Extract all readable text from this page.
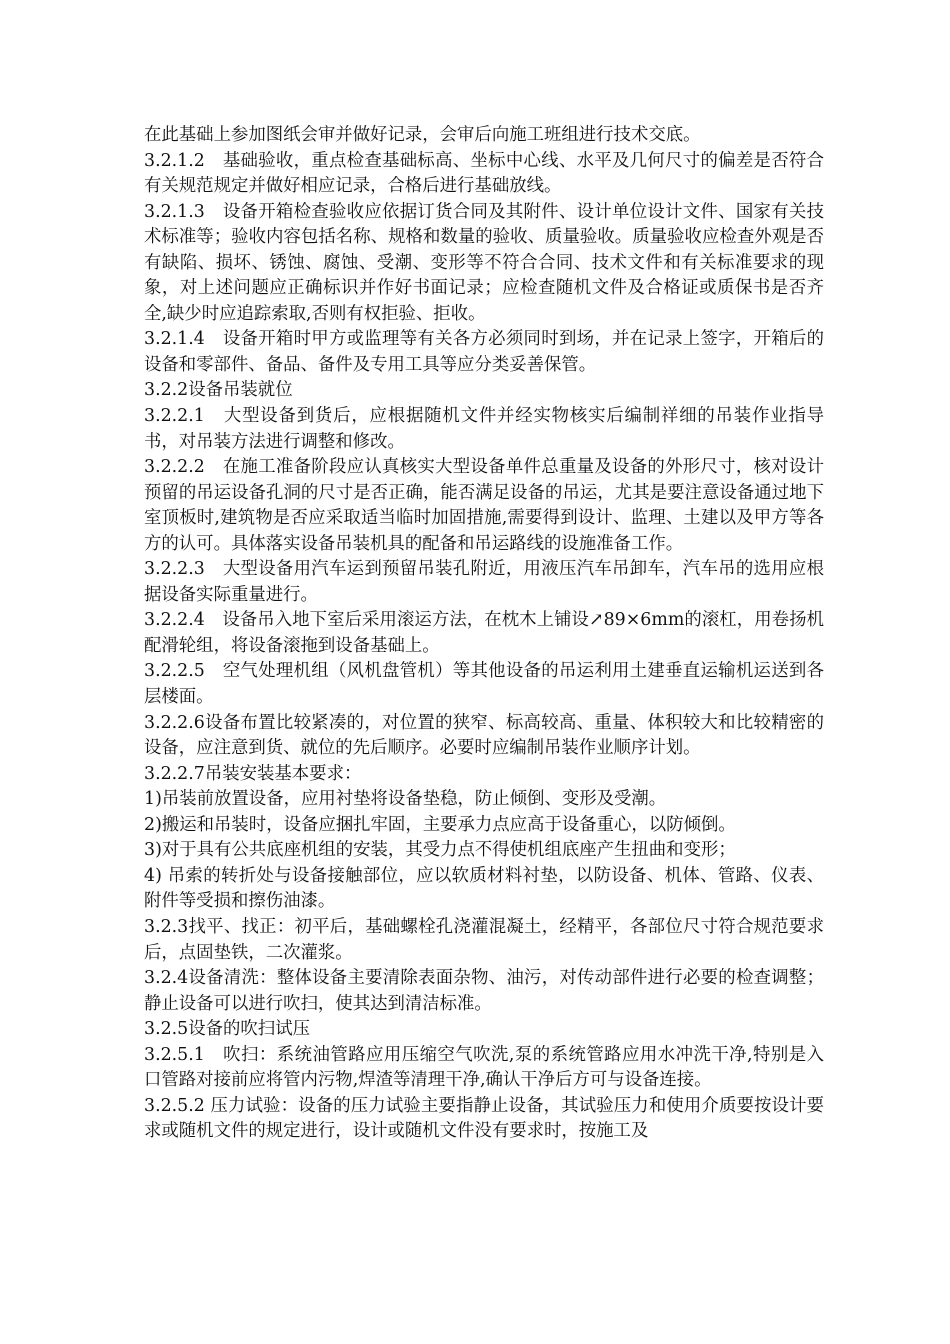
在此基础上参加图纸会审并做好记录，会审后向施工班组进行技术交底。

3.2.1.2　基础验收，重点检查基础标高、坐标中心线、水平及几何尺寸的偏差是否符合有关规范规定并做好相应记录，合格后进行基础放线。

3.2.1.3　设备开箱检查验收应依据订货合同及其附件、设计单位设计文件、国家有关技术标准等；验收内容包括名称、规格和数量的验收、质量验收。质量验收应检查外观是否有缺陷、损坏、锈蚀、腐蚀、受潮、变形等不符合合同、技术文件和有关标准要求的现象，对上述问题应正确标识并作好书面记录；应检查随机文件及合格证或质保书是否齐全,缺少时应追踪索取,否则有权拒验、拒收。

3.2.1.4　设备开箱时甲方或监理等有关各方必须同时到场，并在记录上签字，开箱后的设备和零部件、备品、备件及专用工具等应分类妥善保管。

3.2.2设备吊装就位

3.2.2.1　大型设备到货后，应根据随机文件并经实物核实后编制祥细的吊装作业指导书，对吊装方法进行调整和修改。

3.2.2.2　在施工准备阶段应认真核实大型设备单件总重量及设备的外形尺寸，核对设计预留的吊运设备孔洞的尺寸是否正确，能否满足设备的吊运，尤其是要注意设备通过地下室顶板时,建筑物是否应采取适当临时加固措施,需要得到设计、监理、土建以及甲方等各方的认可。具体落实设备吊装机具的配备和吊运路线的设施准备工作。

3.2.2.3　大型设备用汽车运到预留吊装孔附近，用液压汽车吊卸车，汽车吊的选用应根据设备实际重量进行。

3.2.2.4　设备吊入地下室后采用滚运方法，在枕木上铺设↗89×6mm的滚杠，用卷扬机配滑轮组，将设备滚拖到设备基础上。

3.2.2.5　空气处理机组（风机盘管机）等其他设备的吊运利用土建垂直运输机运送到各层楼面。

3.2.2.6设备布置比较紧凑的，对位置的狭窄、标高较高、重量、体积较大和比较精密的设备，应注意到货、就位的先后顺序。必要时应编制吊装作业顺序计划。

3.2.2.7吊装安装基本要求：

1)吊装前放置设备，应用衬垫将设备垫稳，防止倾倒、变形及受潮。

2)搬运和吊装时，设备应捆扎牢固，主要承力点应高于设备重心，以防倾倒。

3)对于具有公共底座机组的安装，其受力点不得使机组底座产生扭曲和变形；

4) 吊索的转折处与设备接触部位，应以软质材料衬垫，以防设备、机体、管路、仪表、附件等受损和擦伤油漆。

3.2.3找平、找正：初平后，基础螺栓孔浇灌混凝土，经精平，各部位尺寸符合规范要求后，点固垫铁，二次灌浆。

3.2.4设备清洗：整体设备主要清除表面杂物、油污，对传动部件进行必要的检查调整；静止设备可以进行吹扫，使其达到清洁标准。

3.2.5设备的吹扫试压

3.2.5.1　吹扫：系统油管路应用压缩空气吹洗,泵的系统管路应用水冲洗干净,特别是入口管路对接前应将管内污物,焊渣等清理干净,确认干净后方可与设备连接。

3.2.5.2 压力试验：设备的压力试验主要指静止设备，其试验压力和使用介质要按设计要求或随机文件的规定进行，设计或随机文件没有要求时，按施工及
